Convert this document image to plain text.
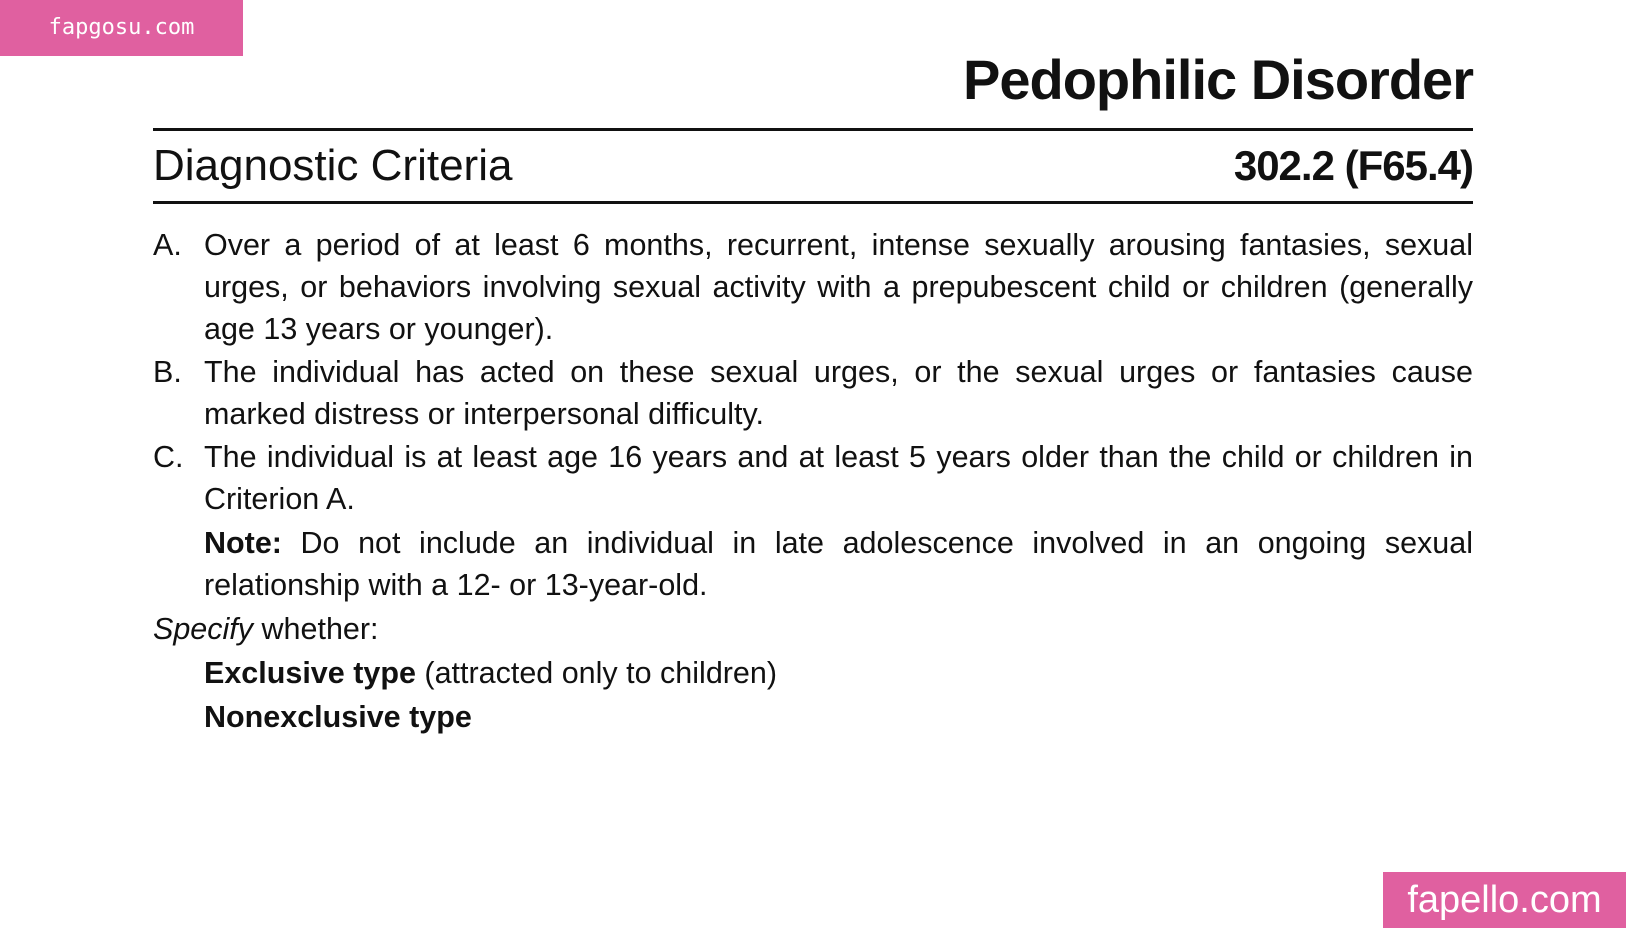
fapgosu.com
Pedophilic Disorder
Diagnostic Criteria	302.2 (F65.4)
A. Over a period of at least 6 months, recurrent, intense sexually arousing fantasies, sexual urges, or behaviors involving sexual activity with a prepubescent child or children (generally age 13 years or younger).
B. The individual has acted on these sexual urges, or the sexual urges or fantasies cause marked distress or interpersonal difficulty.
C. The individual is at least age 16 years and at least 5 years older than the child or children in Criterion A.
Note: Do not include an individual in late adolescence involved in an ongoing sexual relationship with a 12- or 13-year-old.
Specify whether:
Exclusive type (attracted only to children)
Nonexclusive type
fapello.com
